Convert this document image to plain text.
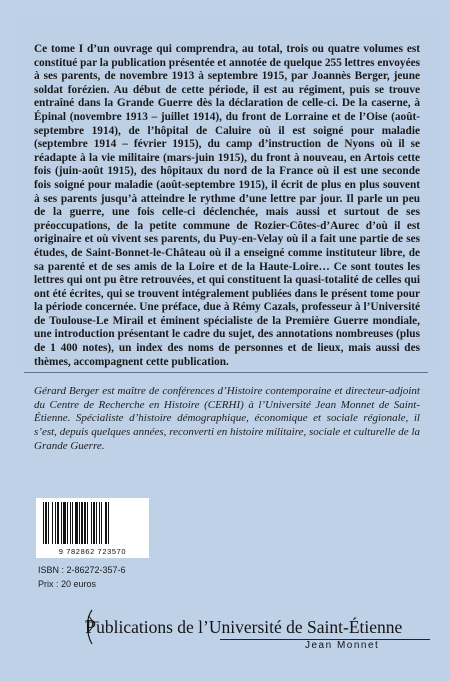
Ce tome I d’un ouvrage qui comprendra, au total, trois ou quatre volumes est constitué par la publication présentée et annotée de quelque 255 lettres envoyées à ses parents, de novembre 1913 à septembre 1915, par Joannès Berger, jeune soldat forézien. Au début de cette période, il est au régiment, puis se trouve entraîné dans la Grande Guerre dès la déclaration de celle-ci. De la caserne, à Épinal (novembre 1913 – juillet 1914), du front de Lorraine et de l’Oise (août-septembre 1914), de l’hôpital de Caluire où il est soigné pour maladie (septembre 1914 – février 1915), du camp d’instruction de Nyons où il se réadapte à la vie militaire (mars-juin 1915), du front à nouveau, en Artois cette fois (juin-août 1915), des hôpitaux du nord de la France où il est une seconde fois soigné pour maladie (août-septembre 1915), il écrit de plus en plus souvent à ses parents jusqu’à atteindre le rythme d’une lettre par jour. Il parle un peu de la guerre, une fois celle-ci déclenchée, mais aussi et surtout de ses préoccupations, de la petite commune de Rozier-Côtes-d’Aurec d’où il est originaire et où vivent ses parents, du Puy-en-Velay où il a fait une partie de ses études, de Saint-Bonnet-le-Château où il a enseigné comme instituteur libre, de sa parenté et de ses amis de la Loire et de la Haute-Loire… Ce sont toutes les lettres qui ont pu être retrouvées, et qui constituent la quasi-totalité de celles qui ont été écrites, qui se trouvent intégralement publiées dans le présent tome pour la période concernée. Une préface, due à Rémy Cazals, professeur à l’Université de Toulouse-Le Mirail et éminent spécialiste de la Première Guerre mondiale, une introduction présentant le cadre du sujet, des annotations nombreuses (plus de 1 400 notes), un index des noms de personnes et de lieux, mais aussi des thèmes, accompagnent cette publication.

Gérard Berger est maître de conférences d’Histoire contemporaine et directeur-adjoint du Centre de Recherche en Histoire (CERHI) à l’Université Jean Monnet de Saint-Étienne. Spécialiste d’histoire démographique, économique et sociale régionale, il s’est, depuis quelques années, reconverti en histoire militaire, sociale et culturelle de la Grande Guerre.

9 782862 723570
ISBN : 2-86272-357-6
Prix : 20 euros
Publications de l’Université de Saint-Étienne
Jean Monnet
